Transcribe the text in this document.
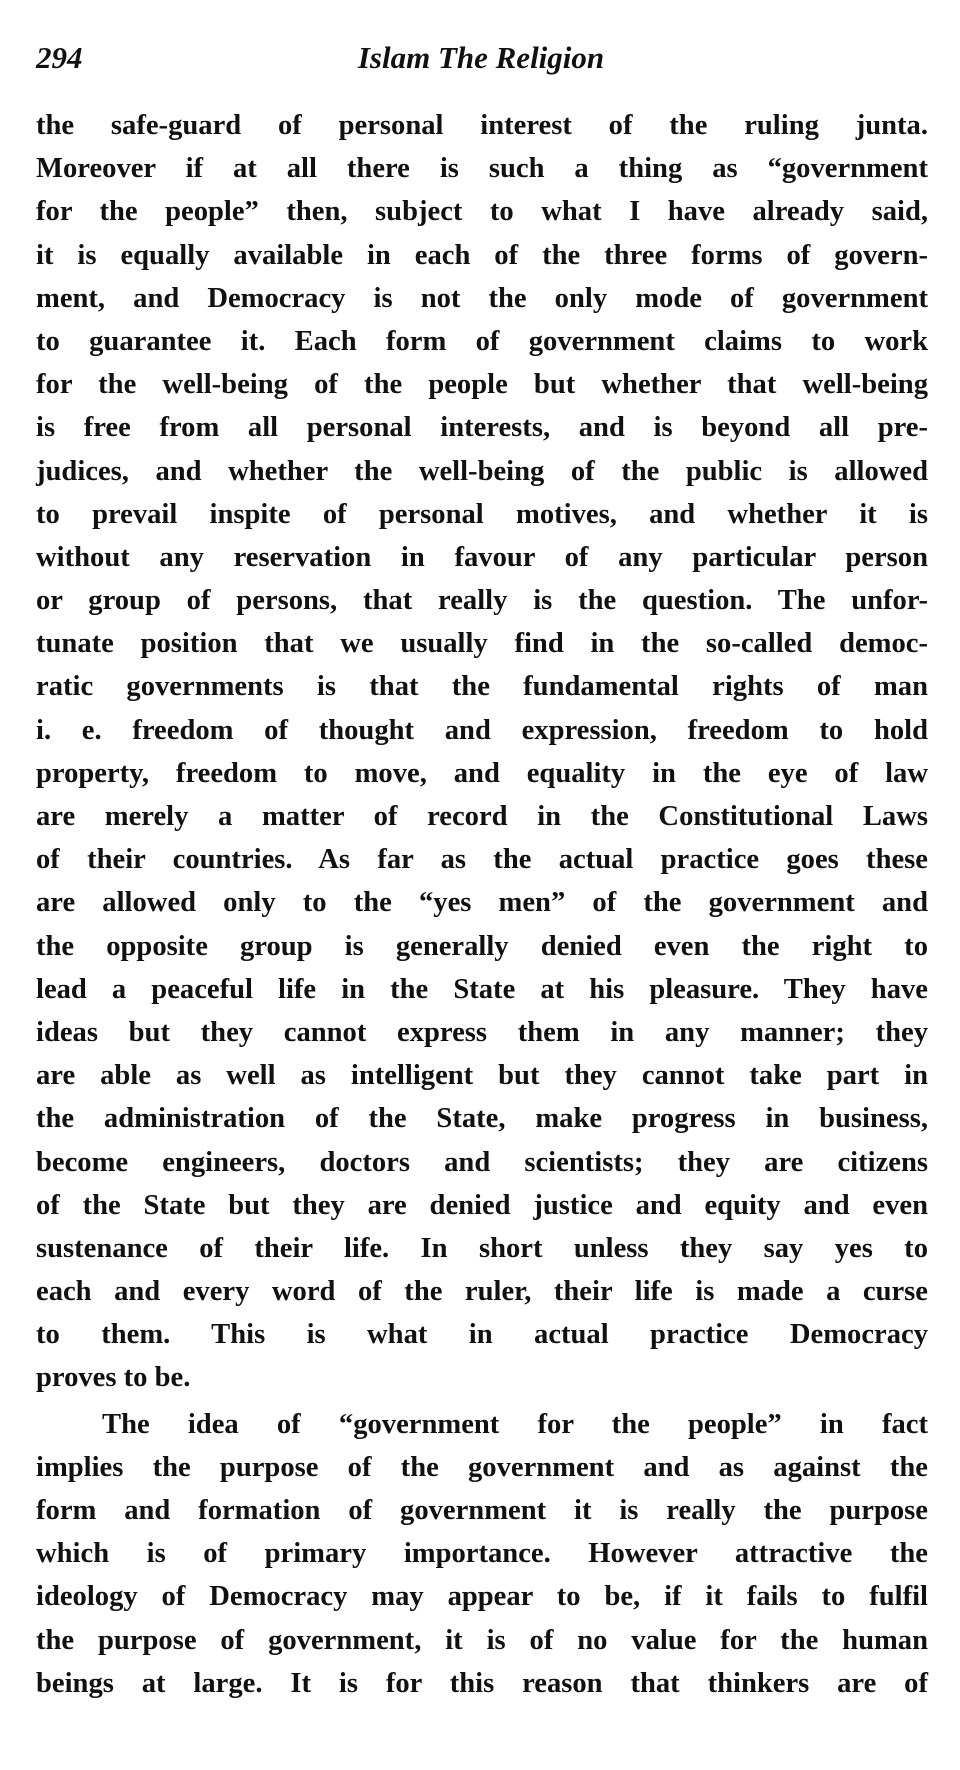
294	Islam The Religion
the safe-guard of personal interest of the ruling junta.
Moreover if at all there is such a thing as “government
for the people” then, subject to what I have already said,
it is equally available in each of the three forms of govern-
ment, and Democracy is not the only mode of government
to guarantee it. Each form of government claims to work
for the well-being of the people but whether that well-being
is free from all personal interests, and is beyond all pre-
judices, and whether the well-being of the public is allowed
to prevail inspite of personal motives, and whether it is
without any reservation in favour of any particular person
or group of persons, that really is the question. The unfor-
tunate position that we usually find in the so-called democ-
ratic governments is that the fundamental rights of man
i. e. freedom of thought and expression, freedom to hold
property, freedom to move, and equality in the eye of law
are merely a matter of record in the Constitutional Laws
of their countries. As far as the actual practice goes these
are allowed only to the “yes men” of the government and
the opposite group is generally denied even the right to
lead a peaceful life in the State at his pleasure. They have
ideas but they cannot express them in any manner; they
are able as well as intelligent but they cannot take part in
the administration of the State, make progress in business,
become engineers, doctors and scientists; they are citizens
of the State but they are denied justice and equity and even
sustenance of their life. In short unless they say yes to
each and every word of the ruler, their life is made a curse
to them. This is what in actual practice Democracy
proves to be.
The idea of “government for the people” in fact
implies the purpose of the government and as against the
form and formation of government it is really the purpose
which is of primary importance. However attractive the
ideology of Democracy may appear to be, if it fails to fulfil
the purpose of government, it is of no value for the human
beings at large. It is for this reason that thinkers are of
